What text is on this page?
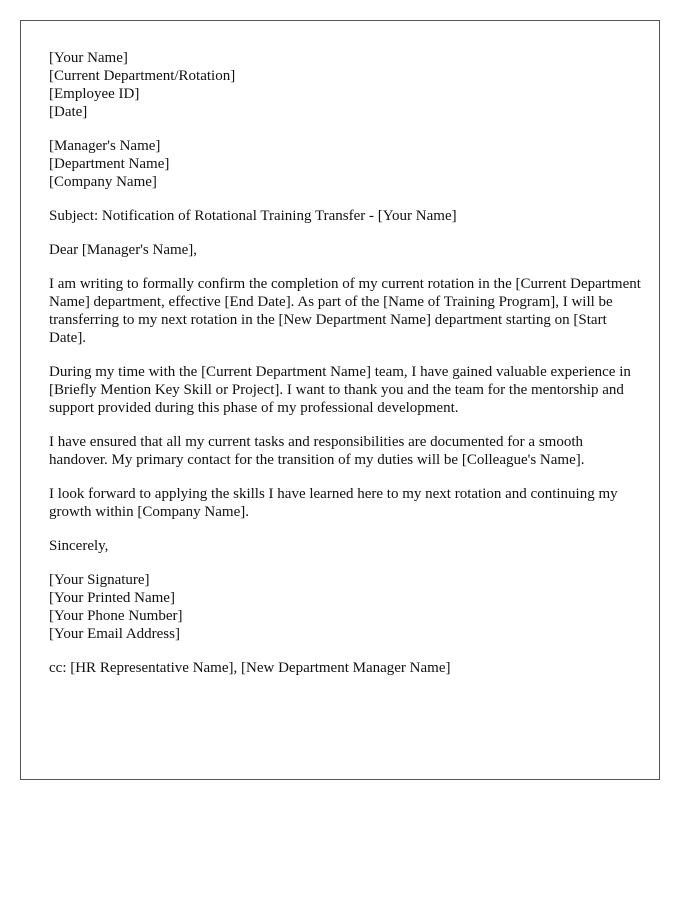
[Your Name]
[Current Department/Rotation]
[Employee ID]
[Date]
[Manager's Name]
[Department Name]
[Company Name]

Subject: Notification of Rotational Training Transfer - [Your Name]

Dear [Manager's Name],

I am writing to formally confirm the completion of my current rotation in the [Current Department Name] department, effective [End Date]. As part of the [Name of Training Program], I will be transferring to my next rotation in the [New Department Name] department starting on [Start Date].

During my time with the [Current Department Name] team, I have gained valuable experience in [Briefly Mention Key Skill or Project]. I want to thank you and the team for the mentorship and support provided during this phase of my professional development.

I have ensured that all my current tasks and responsibilities are documented for a smooth handover. My primary contact for the transition of my duties will be [Colleague's Name].

I look forward to applying the skills I have learned here to my next rotation and continuing my growth within [Company Name].

Sincerely,

[Your Signature]
[Your Printed Name]
[Your Phone Number]
[Your Email Address]

cc: [HR Representative Name], [New Department Manager Name]
